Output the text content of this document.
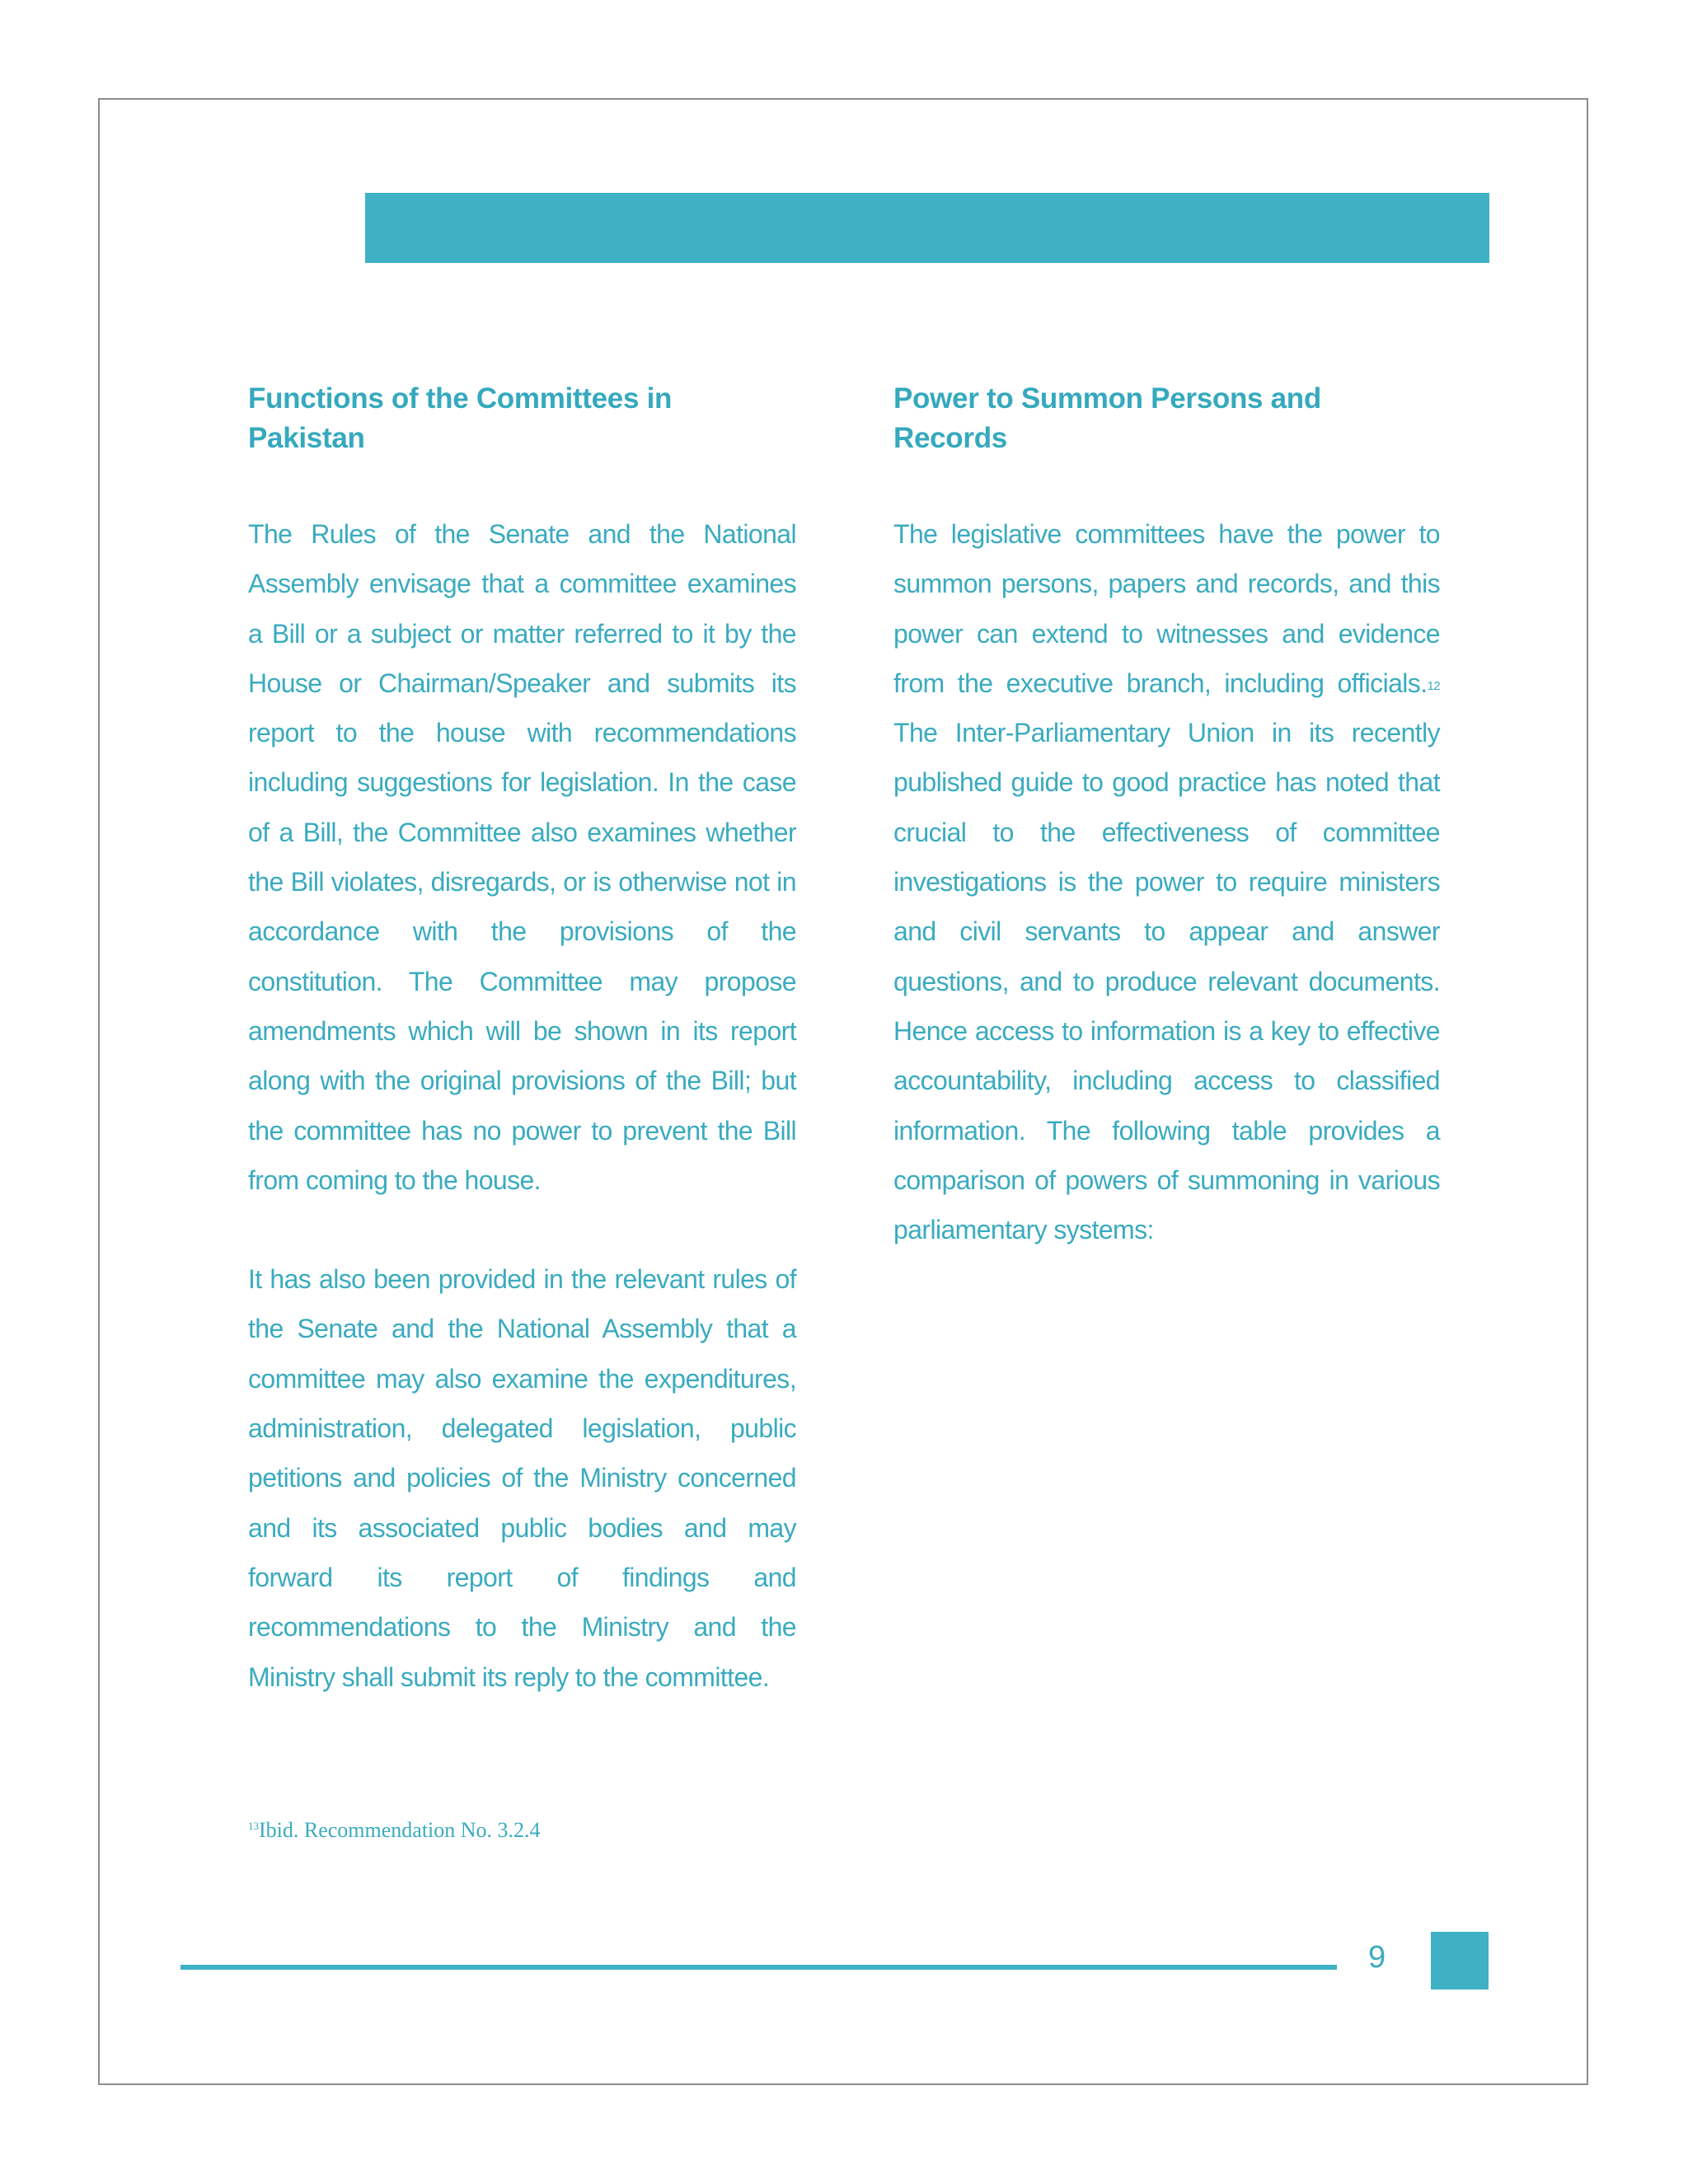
Functions of the Committees in Pakistan

The Rules of the Senate and the National Assembly envisage that a committee examines a Bill or a subject or matter referred to it by the House or Chairman/Speaker and submits its report to the house with recommendations including suggestions for legislation. In the case of a Bill, the Committee also examines whether the Bill violates, disregards, or is otherwise not in accordance with the provisions of the constitution. The Committee may propose amendments which will be shown in its report along with the original provisions of the Bill; but the committee has no power to prevent the Bill from coming to the house.

It has also been provided in the relevant rules of the Senate and the National Assembly that a committee may also examine the expenditures, administration, delegated legislation, public petitions and policies of the Ministry concerned and its associated public bodies and may forward its report of findings and recommendations to the Ministry and the Ministry shall submit its reply to the committee.

Power to Summon Persons and Records

The legislative committees have the power to summon persons, papers and records, and this power can extend to witnesses and evidence from the executive branch, including officials.$^{12}$ The Inter-Parliamentary Union in its recently published guide to good practice has noted that crucial to the effectiveness of committee investigations is the power to require ministers and civil servants to appear and answer questions, and to produce relevant documents. Hence access to information is a key to effective accountability, including access to classified information. The following table provides a comparison of powers of summoning in various parliamentary systems:

$^{13}$Ibid. Recommendation No. 3.2.4
9
